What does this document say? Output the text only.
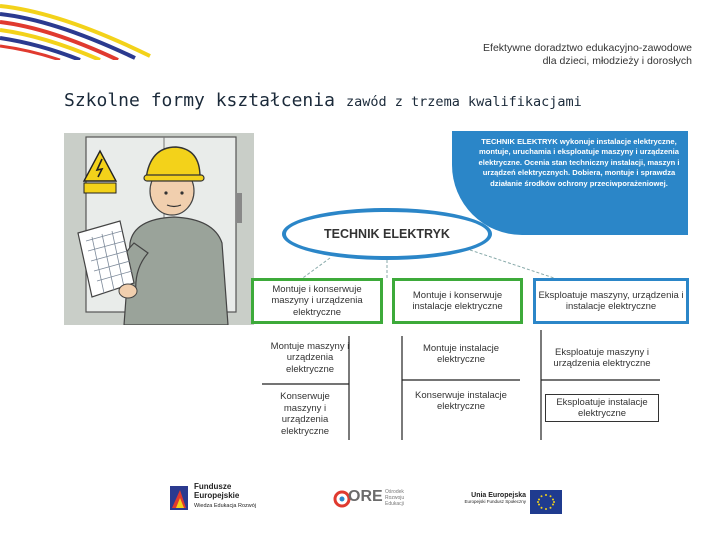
Efektywne doradztwo edukacyjno-zawodowe
dla dzieci, młodzieży i dorosłych
Szkolne formy kształcenia zawód z trzema kwalifikacjami
TECHNIK ELEKTRYK wykonuje instalacje elektryczne, montuje, uruchamia i eksploatuje maszyny i urządzenia elektryczne. Ocenia stan techniczny instalacji, maszyn i urządzeń elektrycznych. Dobiera, montuje i sprawdza działanie środków ochrony przeciwporażeniowej.
TECHNIK ELEKTRYK
Montuje i konserwuje maszyny i urządzenia elektryczne
Montuje i konserwuje instalacje elektryczne
Eksploatuje maszyny, urządzenia i instalacje elektryczne
Montuje maszyny i urządzenia elektryczne
Konserwuje maszyny i urządzenia elektryczne
Montuje instalacje elektryczne
Konserwuje instalacje elektryczne
Eksploatuje maszyny i urządzenia elektryczne
Eksploatuje instalacje elektryczne
Fundusze
Europejskie
Wiedza Edukacja Rozwój
ORE Ośrodek
Rozwoju
Edukacji
Unia Europejska
Europejski Fundusz Społeczny
